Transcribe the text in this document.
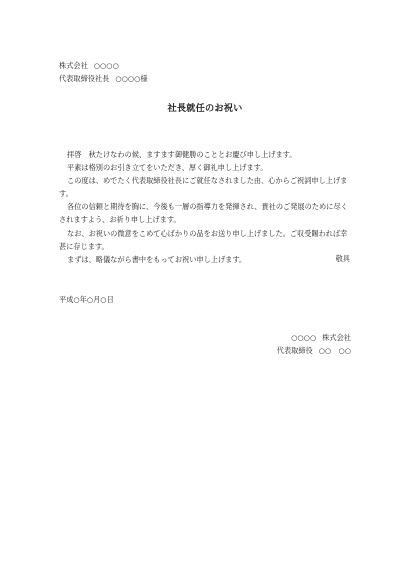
株式会社 ○○○○
代表取締役社長 ○○○○様
社長就任のお祝い

拝啓　秋たけなわの候、ますます御健勝のこととお慶び申し上げます。

平素は格別のお引き立てをいただき、厚く御礼申し上げます。

この度は、めでたく代表取締役社長にご就任なされました由、心からご祝詞申し上げます。

各位の信頼と期待を胸に、今後も一層の指導力を発揮され、貴社のご発展のために尽くされますよう、お祈り申し上げます。

なお、お祝いの微意をこめて心ばかりの品をお送り申し上げました。ご収受賜われば幸甚に存じます。

まずは、略儀ながら書中をもってお祝い申し上げます。	敬具
平成○年○月○日
○○○○ 株式会社
代表取締役 ○○　○○
